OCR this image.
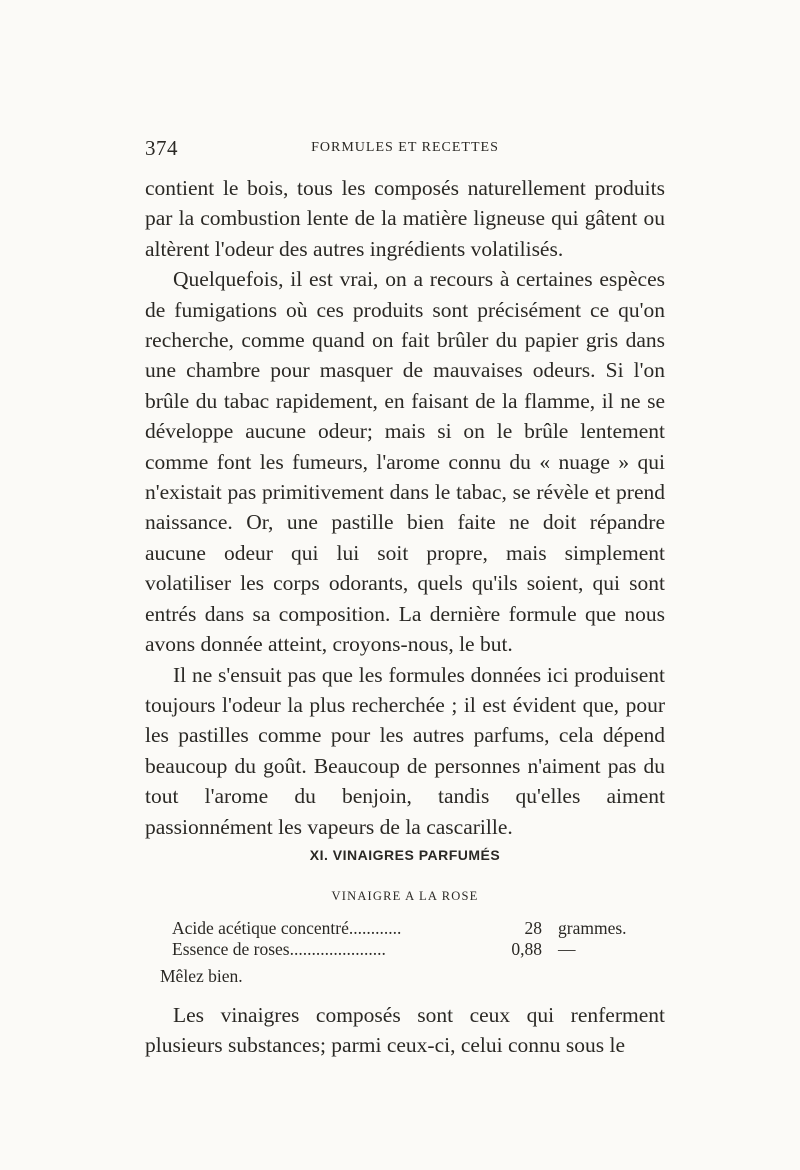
374	FORMULES ET RECETTES

contient le bois, tous les composés naturellement produits par la combustion lente de la matière ligneuse qui gâtent ou altèrent l'odeur des autres ingrédients volatilisés.

Quelquefois, il est vrai, on a recours à certaines espèces de fumigations où ces produits sont précisément ce qu'on recherche, comme quand on fait brûler du papier gris dans une chambre pour masquer de mauvaises odeurs. Si l'on brûle du tabac rapidement, en faisant de la flamme, il ne se développe aucune odeur; mais si on le brûle lentement comme font les fumeurs, l'arome connu du « nuage » qui n'existait pas primitivement dans le tabac, se révèle et prend naissance. Or, une pastille bien faite ne doit répandre aucune odeur qui lui soit propre, mais simplement volatiliser les corps odorants, quels qu'ils soient, qui sont entrés dans sa composition. La dernière formule que nous avons donnée atteint, croyons-nous, le but.

Il ne s'ensuit pas que les formules données ici produisent toujours l'odeur la plus recherchée ; il est évident que, pour les pastilles comme pour les autres parfums, cela dépend beaucoup du goût. Beaucoup de personnes n'aiment pas du tout l'arome du benjoin, tandis qu'elles aiment passionnément les vapeurs de la cascarille.

XI. VINAIGRES PARFUMÉS
VINAIGRE A LA ROSE
Acide acétique concentré............	28 grammes.
Essence de roses......................	0,88 —
Mêlez bien.

Les vinaigres composés sont ceux qui renferment plusieurs substances; parmi ceux-ci, celui connu sous le
